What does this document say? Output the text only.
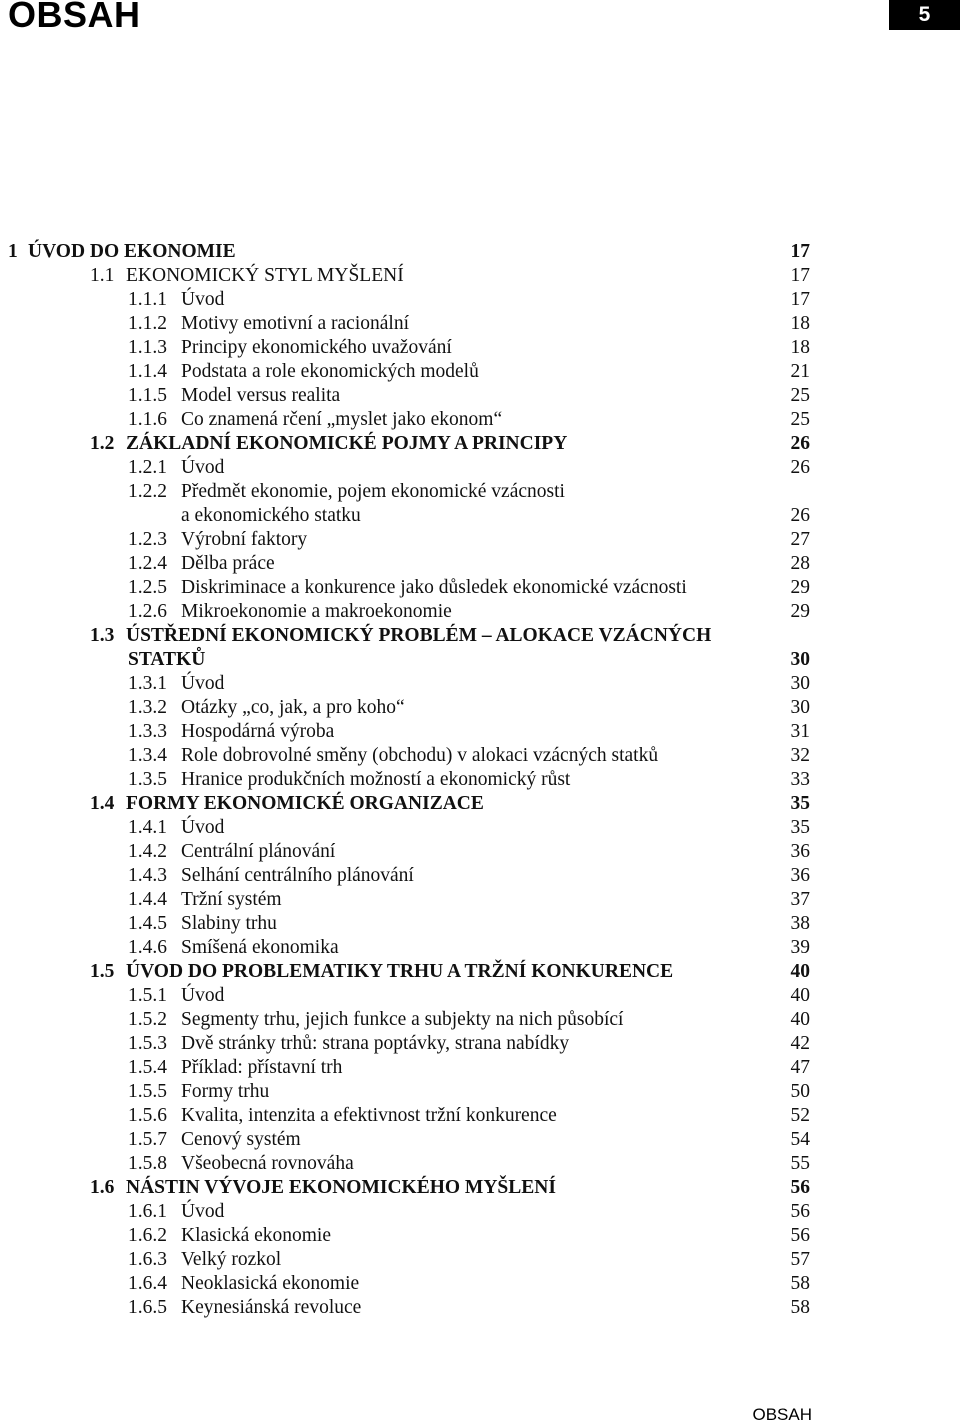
OBSAH	5
1 ÚVOD DO EKONOMIE	17
1.1 EKONOMICKÝ STYL MYŠLENÍ	17
1.1.1 Úvod	17
1.1.2 Motivy emotivní a racionální	18
1.1.3 Principy ekonomického uvažování	18
1.1.4 Podstata a role ekonomických modelů	21
1.1.5 Model versus realita	25
1.1.6 Co znamená rčení „myslet jako ekonom“	25
1.2 ZÁKLADNÍ EKONOMICKÉ POJMY A PRINCIPY	26
1.2.1 Úvod	26
1.2.2 Předmět ekonomie, pojem ekonomické vzácnosti
a ekonomického statku	26
1.2.3 Výrobní faktory	27
1.2.4 Dělba práce	28
1.2.5 Diskriminace a konkurence jako důsledek ekonomické vzácnosti	29
1.2.6 Mikroekonomie a makroekonomie	29
1.3 ÚSTŘEDNÍ EKONOMICKÝ PROBLÉM – ALOKACE VZÁCNÝCH
STATKŮ	30
1.3.1 Úvod	30
1.3.2 Otázky „co, jak, a pro koho“	30
1.3.3 Hospodárná výroba	31
1.3.4 Role dobrovolné směny (obchodu) v alokaci vzácných statků	32
1.3.5 Hranice produkčních možností a ekonomický růst	33
1.4 FORMY EKONOMICKÉ ORGANIZACE	35
1.4.1 Úvod	35
1.4.2 Centrální plánování	36
1.4.3 Selhání centrálního plánování	36
1.4.4 Tržní systém	37
1.4.5 Slabiny trhu	38
1.4.6 Smíšená ekonomika	39
1.5 ÚVOD DO PROBLEMATIKY TRHU A TRŽNÍ KONKURENCE	40
1.5.1 Úvod	40
1.5.2 Segmenty trhu, jejich funkce a subjekty na nich působící	40
1.5.3 Dvě stránky trhů: strana poptávky, strana nabídky	42
1.5.4 Příklad: přístavní trh	47
1.5.5 Formy trhu	50
1.5.6 Kvalita, intenzita a efektivnost tržní konkurence	52
1.5.7 Cenový systém	54
1.5.8 Všeobecná rovnováha	55
1.6 NÁSTIN VÝVOJE EKONOMICKÉHO MYŠLENÍ	56
1.6.1 Úvod	56
1.6.2 Klasická ekonomie	56
1.6.3 Velký rozkol	57
1.6.4 Neoklasická ekonomie	58
1.6.5 Keynesiánská revoluce	58
OBSAH
